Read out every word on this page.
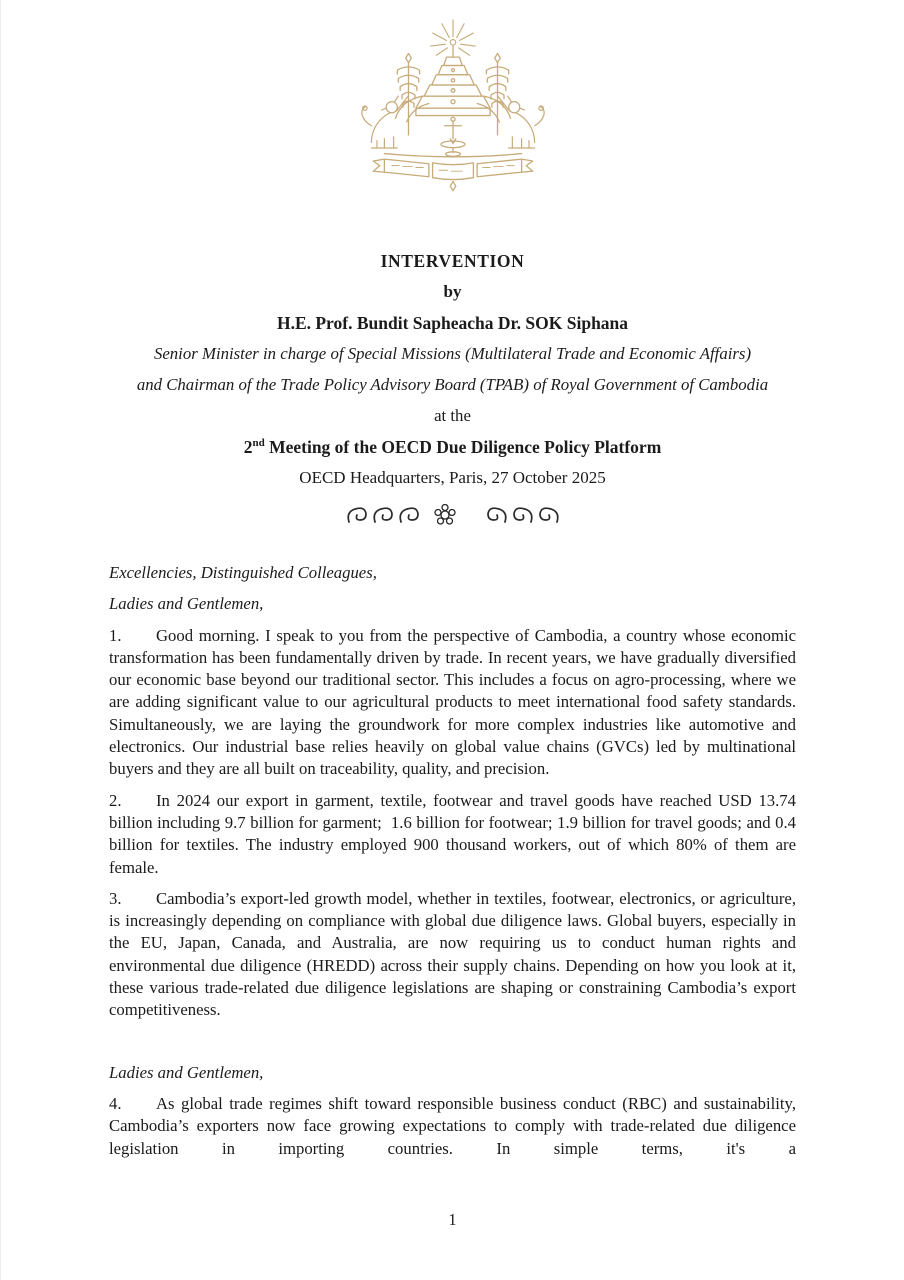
INTERVENTION

by

H.E. Prof. Bundit Sapheacha Dr. SOK Siphana

Senior Minister in charge of Special Missions (Multilateral Trade and Economic Affairs)

and Chairman of the Trade Policy Advisory Board (TPAB) of Royal Government of Cambodia

at the

2nd Meeting of the OECD Due Diligence Policy Platform

OECD Headquarters, Paris, 27 October 2025

Excellencies, Distinguished Colleagues,

Ladies and Gentlemen,

1. Good morning. I speak to you from the perspective of Cambodia, a country whose economic transformation has been fundamentally driven by trade. In recent years, we have gradually diversified our economic base beyond our traditional sector. This includes a focus on agro-processing, where we are adding significant value to our agricultural products to meet international food safety standards. Simultaneously, we are laying the groundwork for more complex industries like automotive and electronics. Our industrial base relies heavily on global value chains (GVCs) led by multinational buyers and they are all built on traceability, quality, and precision.

2. In 2024 our export in garment, textile, footwear and travel goods have reached USD 13.74 billion including 9.7 billion for garment;  1.6 billion for footwear; 1.9 billion for travel goods; and 0.4 billion for textiles. The industry employed 900 thousand workers, out of which 80% of them are female.

3. Cambodia’s export-led growth model, whether in textiles, footwear, electronics, or agriculture, is increasingly depending on compliance with global due diligence laws. Global buyers, especially in the EU, Japan, Canada, and Australia, are now requiring us to conduct human rights and environmental due diligence (HREDD) across their supply chains. Depending on how you look at it, these various trade-related due diligence legislations are shaping or constraining Cambodia’s export competitiveness.

Ladies and Gentlemen,

4. As global trade regimes shift toward responsible business conduct (RBC) and sustainability, Cambodia’s exporters now face growing expectations to comply with trade-related due diligence legislation in importing countries. In simple terms, it's a

1
